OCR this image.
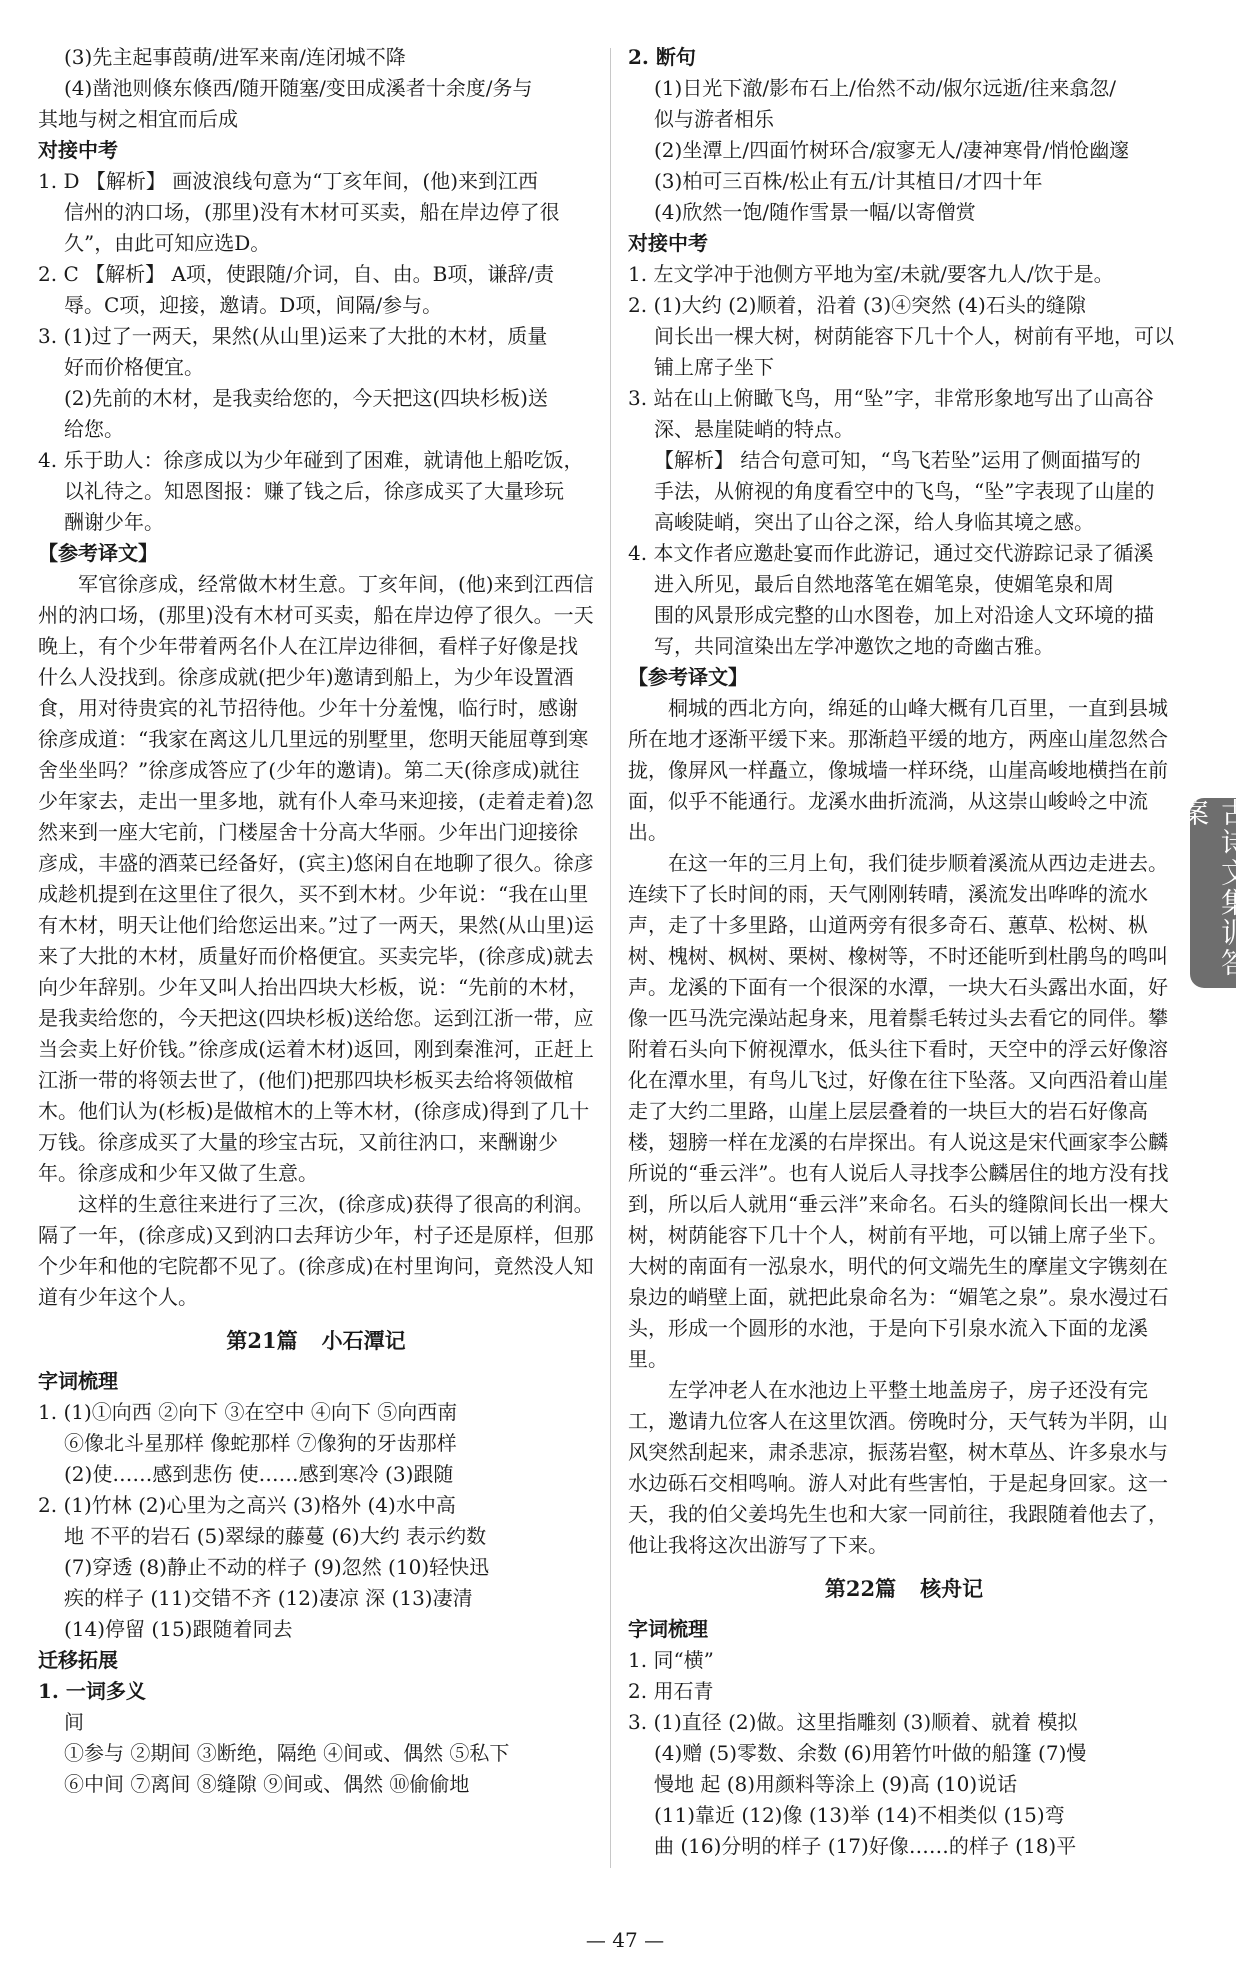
(3)先主起事葭萌/进军来南/连闭城不降

(4)凿池则倏东倏西/随开随塞/变田成溪者十余度/务与

其地与树之相宜而后成

对接中考

1. D 【解析】 画波浪线句意为“丁亥年间，(他)来到江西

信州的汭口场，(那里)没有木材可买卖，船在岸边停了很

久”，由此可知应选D。

2. C 【解析】 A项，使跟随/介词，自、由。B项，谦辞/责

辱。C项，迎接，邀请。D项，间隔/参与。

3. (1)过了一两天，果然(从山里)运来了大批的木材，质量

好而价格便宜。

(2)先前的木材，是我卖给您的，今天把这(四块杉板)送

给您。

4. 乐于助人：徐彦成以为少年碰到了困难，就请他上船吃饭，

以礼待之。知恩图报：赚了钱之后，徐彦成买了大量珍玩

酬谢少年。

【参考译文】

军官徐彦成，经常做木材生意。丁亥年间，(他)来到江西信州的汭口场，(那里)没有木材可买卖，船在岸边停了很久。一天晚上，有个少年带着两名仆人在江岸边徘徊，看样子好像是找什么人没找到。徐彦成就(把少年)邀请到船上，为少年设置酒食，用对待贵宾的礼节招待他。少年十分羞愧，临行时，感谢徐彦成道：“我家在离这儿几里远的别墅里，您明天能屈尊到寒舍坐坐吗？”徐彦成答应了(少年的邀请)。第二天(徐彦成)就往少年家去，走出一里多地，就有仆人牵马来迎接，(走着走着)忽然来到一座大宅前，门楼屋舍十分高大华丽。少年出门迎接徐彦成，丰盛的酒菜已经备好，(宾主)悠闲自在地聊了很久。徐彦成趁机提到在这里住了很久，买不到木材。少年说：“我在山里有木材，明天让他们给您运出来。”过了一两天，果然(从山里)运来了大批的木材，质量好而价格便宜。买卖完毕，(徐彦成)就去向少年辞别。少年又叫人抬出四块大杉板，说：“先前的木材，是我卖给您的，今天把这(四块杉板)送给您。运到江浙一带，应当会卖上好价钱。”徐彦成(运着木材)返回，刚到秦淮河，正赶上江浙一带的将领去世了，(他们)把那四块杉板买去给将领做棺木。他们认为(杉板)是做棺木的上等木材，(徐彦成)得到了几十万钱。徐彦成买了大量的珍宝古玩，又前往汭口，来酬谢少年。徐彦成和少年又做了生意。

这样的生意往来进行了三次，(徐彦成)获得了很高的利润。隔了一年，(徐彦成)又到汭口去拜访少年，村子还是原样，但那个少年和他的宅院都不见了。(徐彦成)在村里询问，竟然没人知道有少年这个人。

第21篇 小石潭记

字词梳理

1. (1)①向西 ②向下 ③在空中 ④向下 ⑤向西南

⑥像北斗星那样 像蛇那样 ⑦像狗的牙齿那样

(2)使……感到悲伤 使……感到寒冷 (3)跟随

2. (1)竹林 (2)心里为之高兴 (3)格外 (4)水中高

地 不平的岩石 (5)翠绿的藤蔓 (6)大约 表示约数

(7)穿透 (8)静止不动的样子 (9)忽然 (10)轻快迅

疾的样子 (11)交错不齐 (12)凄凉 深 (13)凄清

(14)停留 (15)跟随着同去

迁移拓展

1. 一词多义

间

①参与 ②期间 ③断绝，隔绝 ④间或、偶然 ⑤私下

⑥中间 ⑦离间 ⑧缝隙 ⑨间或、偶然 ⑩偷偷地

2. 断句

(1)日光下澈/影布石上/佁然不动/俶尔远逝/往来翕忽/

似与游者相乐

(2)坐潭上/四面竹树环合/寂寥无人/凄神寒骨/悄怆幽邃

(3)柏可三百株/松止有五/计其植日/才四十年

(4)欣然一饱/随作雪景一幅/以寄僧赏

对接中考

1. 左文学冲于池侧方平地为室/未就/要客九人/饮于是。

2. (1)大约 (2)顺着，沿着 (3)④突然 (4)石头的缝隙

间长出一棵大树，树荫能容下几十个人，树前有平地，可以

铺上席子坐下

3. 站在山上俯瞰飞鸟，用“坠”字，非常形象地写出了山高谷

深、悬崖陡峭的特点。

【解析】 结合句意可知，“鸟飞若坠”运用了侧面描写的

手法，从俯视的角度看空中的飞鸟，“坠”字表现了山崖的

高峻陡峭，突出了山谷之深，给人身临其境之感。

4. 本文作者应邀赴宴而作此游记，通过交代游踪记录了循溪

进入所见，最后自然地落笔在媚笔泉，使媚笔泉和周

围的风景形成完整的山水图卷，加上对沿途人文环境的描

写，共同渲染出左学冲邀饮之地的奇幽古雅。

【参考译文】

桐城的西北方向，绵延的山峰大概有几百里，一直到县城所在地才逐渐平缓下来。那渐趋平缓的地方，两座山崖忽然合拢，像屏风一样矗立，像城墙一样环绕，山崖高峻地横挡在前面，似乎不能通行。龙溪水曲折流淌，从这崇山峻岭之中流出。

在这一年的三月上旬，我们徒步顺着溪流从西边走进去。连续下了长时间的雨，天气刚刚转晴，溪流发出哗哗的流水声，走了十多里路，山道两旁有很多奇石、蕙草、松树、枞树、槐树、枫树、栗树、橡树等，不时还能听到杜鹃鸟的鸣叫声。龙溪的下面有一个很深的水潭，一块大石头露出水面，好像一匹马洗完澡站起身来，甩着鬃毛转过头去看它的同伴。攀附着石头向下俯视潭水，低头往下看时，天空中的浮云好像溶化在潭水里，有鸟儿飞过，好像在往下坠落。又向西沿着山崖走了大约二里路，山崖上层层叠着的一块巨大的岩石好像高楼，翅膀一样在龙溪的右岸探出。有人说这是宋代画家李公麟所说的“垂云泮”。也有人说后人寻找李公麟居住的地方没有找到，所以后人就用“垂云泮”来命名。石头的缝隙间长出一棵大树，树荫能容下几十个人，树前有平地，可以铺上席子坐下。大树的南面有一泓泉水，明代的何文端先生的摩崖文字镌刻在泉边的峭壁上面，就把此泉命名为：“媚笔之泉”。泉水漫过石头，形成一个圆形的水池，于是向下引泉水流入下面的龙溪里。

左学冲老人在水池边上平整土地盖房子，房子还没有完工，邀请九位客人在这里饮酒。傍晚时分，天气转为半阴，山风突然刮起来，肃杀悲凉，振荡岩壑，树木草丛、许多泉水与水边砾石交相鸣响。游人对此有些害怕，于是起身回家。这一天，我的伯父姜坞先生也和大家一同前往，我跟随着他去了，他让我将这次出游写了下来。

第22篇 核舟记

字词梳理

1. 同“横”

2. 用石青

3. (1)直径 (2)做。这里指雕刻 (3)顺着、就着 模拟

(4)赠 (5)零数、余数 (6)用箬竹叶做的船篷 (7)慢

慢地 起 (8)用颜料等涂上 (9)高 (10)说话

(11)靠近 (12)像 (13)举 (14)不相类似 (15)弯

曲 (16)分明的样子 (17)好像……的样子 (18)平

古诗文集训答案
— 47 —
